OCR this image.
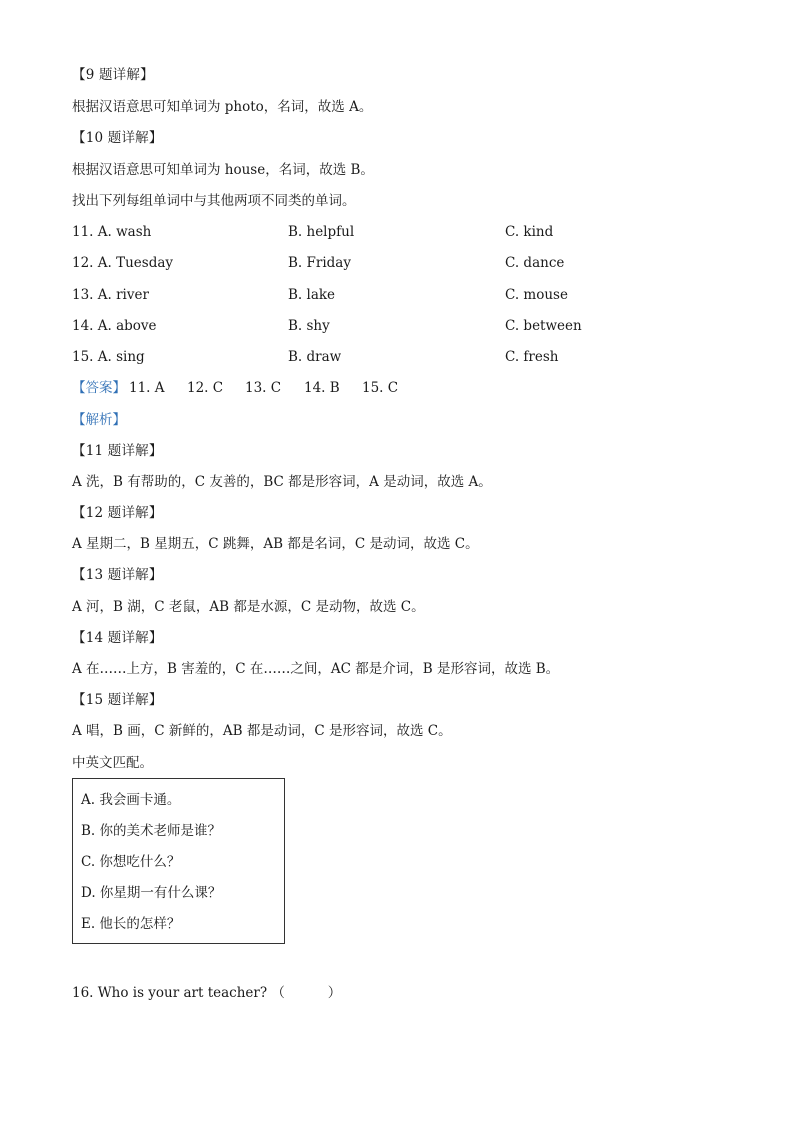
【9 题详解】
根据汉语意思可知单词为 photo，名词，故选 A。
【10 题详解】
根据汉语意思可知单词为 house，名词，故选 B。
找出下列每组单词中与其他两项不同类的单词。
11. A. wash	B. helpful	C. kind
12. A. Tuesday	B. Friday	C. dance
13. A. river	B. lake	C. mouse
14. A. above	B. shy	C. between
15. A. sing	B. draw	C. fresh
【答案】 11. A 12. C 13. C 14. B 15. C
【解析】
【11 题详解】
A 洗，B 有帮助的，C 友善的，BC 都是形容词，A 是动词，故选 A。
【12 题详解】
A 星期二，B 星期五，C 跳舞，AB 都是名词，C 是动词，故选 C。
【13 题详解】
A 河，B 湖，C 老鼠，AB 都是水源，C 是动物，故选 C。
【14 题详解】
A 在……上方，B 害羞的，C 在……之间，AC 都是介词，B 是形容词，故选 B。
【15 题详解】
A 唱，B 画，C 新鲜的，AB 都是动词，C 是形容词，故选 C。
中英文匹配。
A. 我会画卡通。
B. 你的美术老师是谁？
C. 你想吃什么？
D. 你星期一有什么课？
E. 他长的怎样？
16. Who is your art teacher? （          ）
